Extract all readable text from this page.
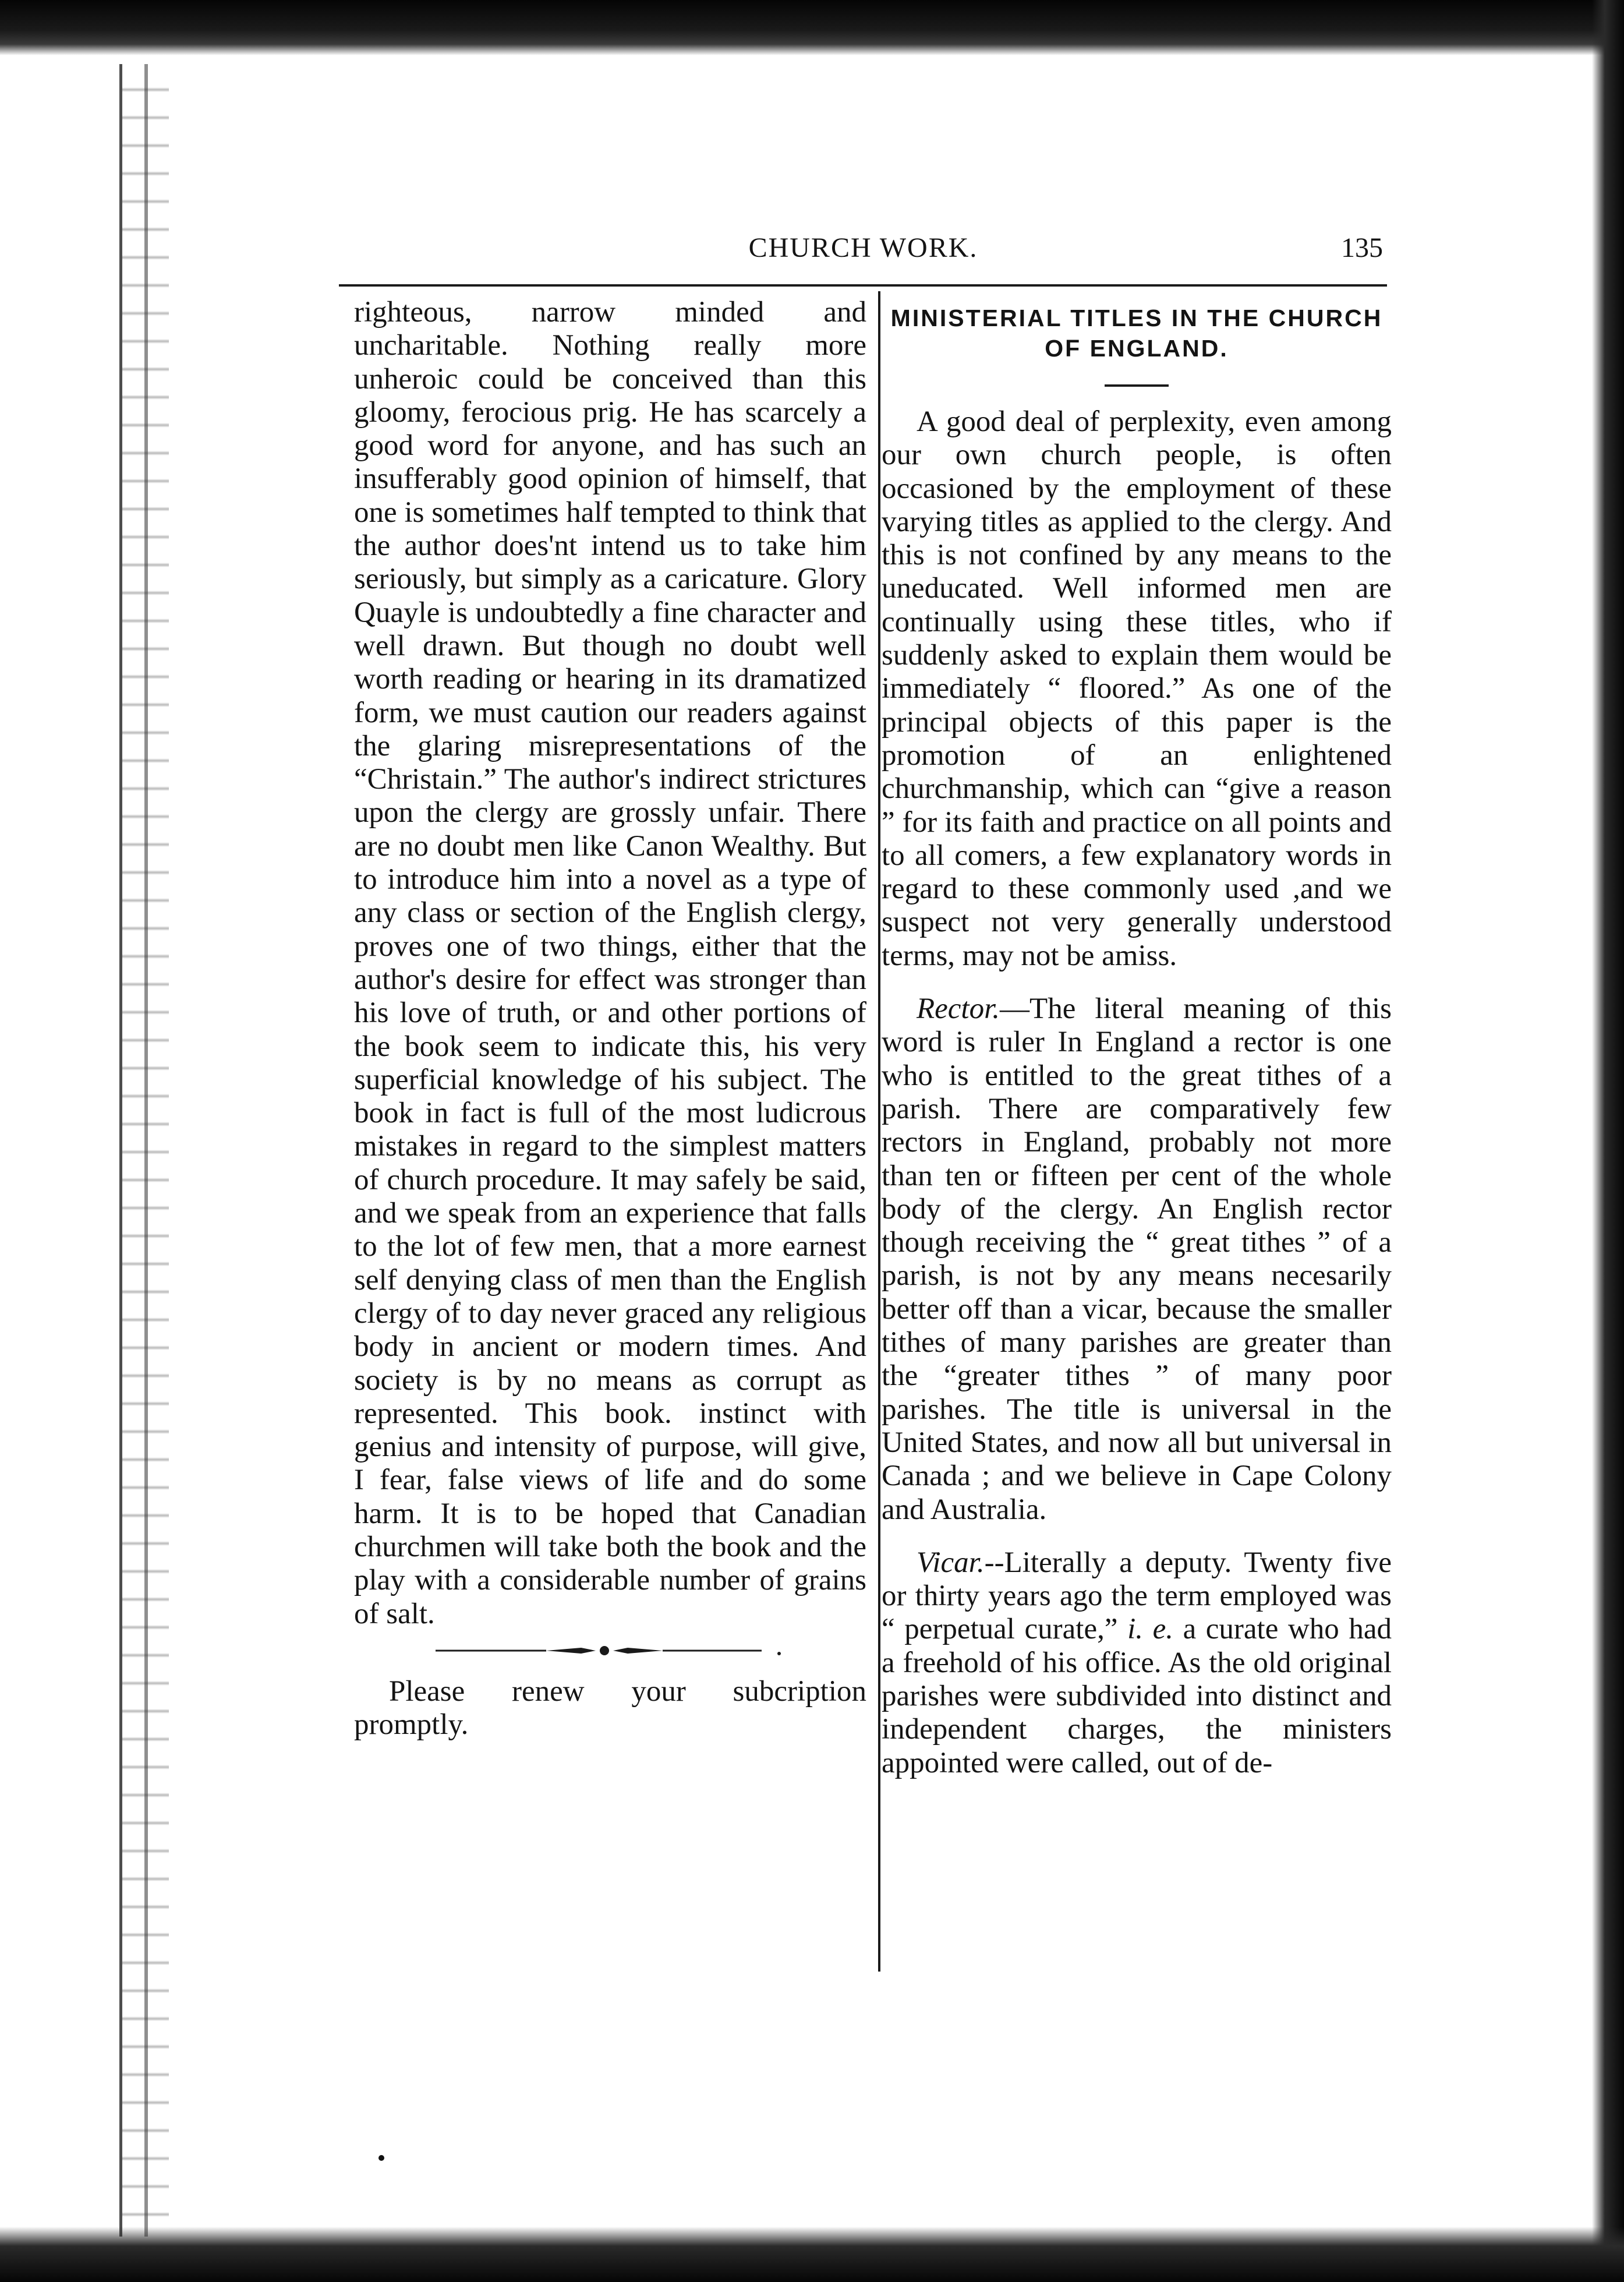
CHURCH WORK.	135

righteous, narrow minded and uncharitable. Nothing really more unheroic could be conceived than this gloomy, ferocious prig. He has scarcely a good word for anyone, and has such an insufferably good opinion of himself, that one is sometimes half tempted to think that the author does'nt intend us to take him seriously, but simply as a caricature. Glory Quayle is undoubtedly a fine character and well drawn. But though no doubt well worth reading or hearing in its dramatized form, we must caution our readers against the glaring misrepresentations of the “Christain.” The author's indirect strictures upon the clergy are grossly unfair. There are no doubt men like Canon Wealthy. But to introduce him into a novel as a type of any class or section of the English clergy, proves one of two things, either that the author's desire for effect was stronger than his love of truth, or and other portions of the book seem to indicate this, his very superficial knowledge of his subject. The book in fact is full of the most ludicrous mistakes in regard to the simplest matters of church procedure. It may safely be said, and we speak from an experience that falls to the lot of few men, that a more earnest self denying class of men than the English clergy of to day never graced any religious body in ancient or modern times. And society is by no means as corrupt as represented. This book. instinct with genius and intensity of purpose, will give, I fear, false views of life and do some harm. It is to be hoped that Canadian churchmen will take both the book and the play with a considerable number of grains of salt.

Please renew your subcription promptly.

MINISTERIAL TITLES IN THE CHURCH OF ENGLAND.

A good deal of perplexity, even among our own church people, is often occasioned by the employment of these varying titles as applied to the clergy. And this is not confined by any means to the uneducated. Well informed men are continually using these titles, who if suddenly asked to explain them would be immediately “ floored.” As one of the principal objects of this paper is the promotion of an enlightened churchmanship, which can “give a reason ” for its faith and practice on all points and to all comers, a few explanatory words in regard to these commonly used ,and we suspect not very generally understood terms, may not be amiss.

Rector.—The literal meaning of this word is ruler In England a rector is one who is entitled to the great tithes of a parish. There are comparatively few rectors in England, probably not more than ten or fifteen per cent of the whole body of the clergy. An English rector though receiving the “ great tithes ” of a parish, is not by any means necesarily better off than a vicar, because the smaller tithes of many parishes are greater than the “greater tithes ” of many poor parishes. The title is universal in the United States, and now all but universal in Canada ; and we believe in Cape Colony and Australia.

Vicar.--Literally a deputy. Twenty five or thirty years ago the term employed was “ perpetual curate,” i. e. a curate who had a freehold of his office. As the old original parishes were subdivided into distinct and independent charges, the ministers appointed were called, out of de-
